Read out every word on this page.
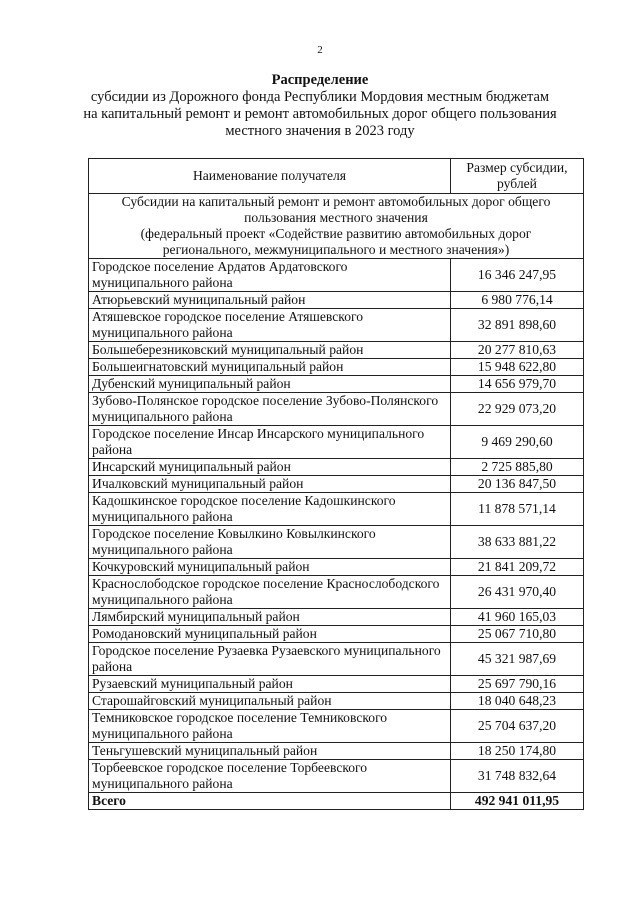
2
Распределение
субсидии из Дорожного фонда Республики Мордовия местным бюджетам
на капитальный ремонт и ремонт автомобильных дорог общего пользования
местного значения в 2023 году
Наименование получателя	Размер субсидии, рублей

Субсидии на капитальный ремонт и ремонт автомобильных дорог общего
пользования местного значения
(федеральный проект «Содействие развитию автомобильных дорог
регионального, межмуниципального и местного значения»)	

Городское поселение Ардатов Ардатовского муниципального района	16 346 247,95
Атюрьевский муниципальный район	6 980 776,14
Атяшевское городское поселение Атяшевского муниципального района	32 891 898,60
Большеберезниковский муниципальный район	20 277 810,63
Большеигнатовский муниципальный район	15 948 622,80
Дубенский муниципальный район	14 656 979,70
Зубово-Полянское городское поселение Зубово-Полянского муниципального района	22 929 073,20
Городское поселение Инсар Инсарского муниципального района	9 469 290,60
Инсарский муниципальный район	2 725 885,80
Ичалковский муниципальный район	20 136 847,50
Кадошкинское городское поселение Кадошкинского муниципального района	11 878 571,14
Городское поселение Ковылкино Ковылкинского муниципального района	38 633 881,22
Кочкуровский муниципальный район	21 841 209,72
Краснослободское городское поселение Краснослободского муниципального района	26 431 970,40
Лямбирский муниципальный район	41 960 165,03
Ромодановский муниципальный район	25 067 710,80
Городское поселение Рузаевка Рузаевского муниципального района	45 321 987,69
Рузаевский муниципальный район	25 697 790,16
Старошайговский муниципальный район	18 040 648,23
Темниковское городское поселение Темниковского муниципального района	25 704 637,20
Теньгушевский муниципальный район	18 250 174,80
Торбеевское городское поселение Торбеевского муниципального района	31 748 832,64
Всего	492 941 011,95
